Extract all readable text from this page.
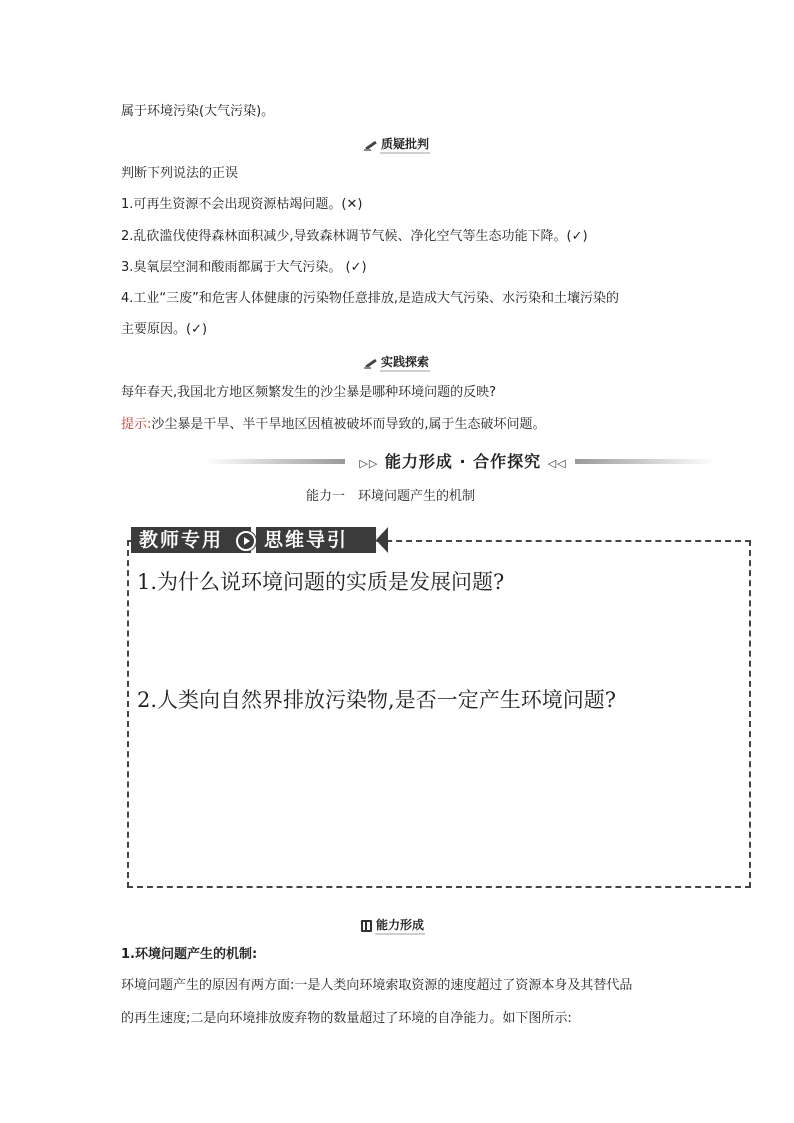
属于环境污染(大气污染)。
质疑批判
判断下列说法的正误
1.可再生资源不会出现资源枯竭问题。(✕)
2.乱砍滥伐使得森林面积减少,导致森林调节气候、净化空气等生态功能下降。(✓)
3.臭氧层空洞和酸雨都属于大气污染。 (✓)
4.工业“三废”和危害人体健康的污染物任意排放,是造成大气污染、水污染和土壤污染的
主要原因。(✓)
实践探索
每年春天,我国北方地区频繁发生的沙尘暴是哪种环境问题的反映?
提示:沙尘暴是干旱、半干旱地区因植被破坏而导致的,属于生态破坏问题。
▷▷ 能力形成 · 合作探究 ◁◁
能力一　环境问题产生的机制
教师专用	思维导引
1.为什么说环境问题的实质是发展问题?
2.人类向自然界排放污染物,是否一定产生环境问题?
能力形成
1.环境问题产生的机制:
环境问题产生的原因有两方面:一是人类向环境索取资源的速度超过了资源本身及其替代品
的再生速度;二是向环境排放废弃物的数量超过了环境的自净能力。如下图所示:
